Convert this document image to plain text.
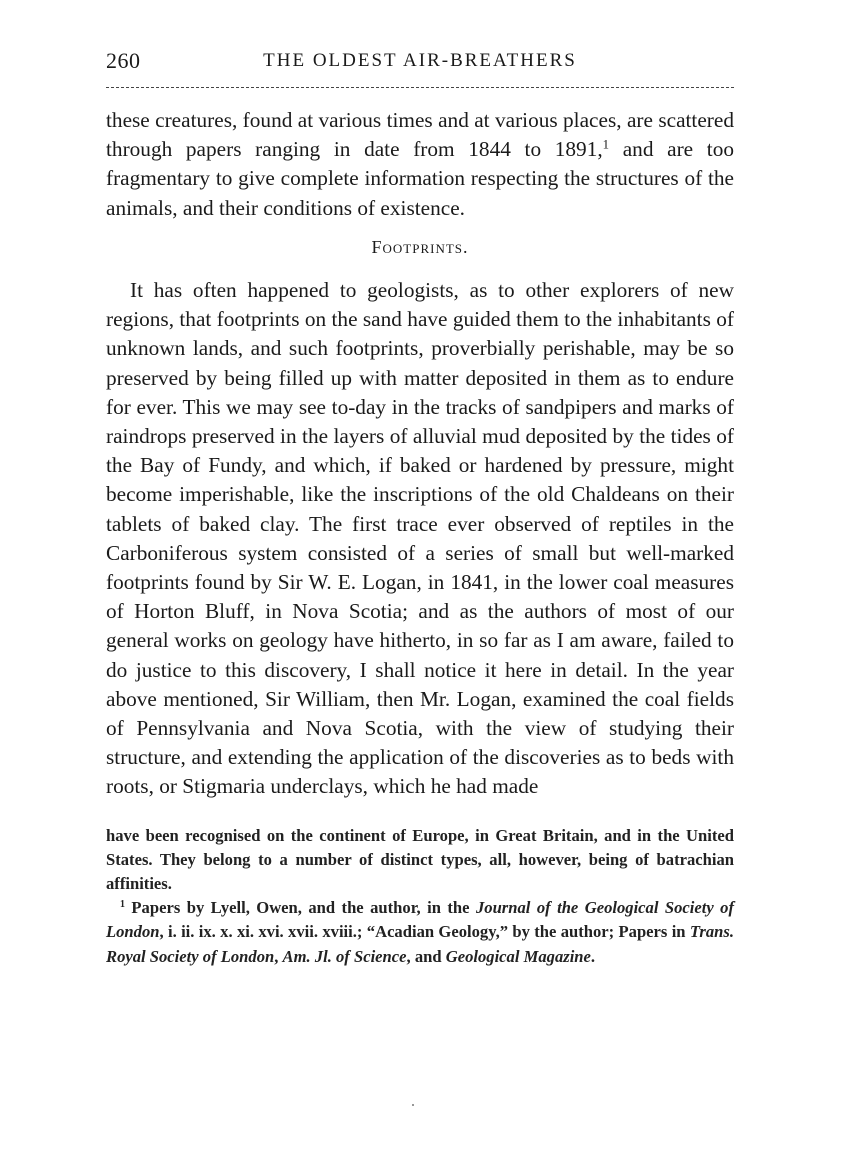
260	THE OLDEST AIR-BREATHERS

these creatures, found at various times and at various places, are scattered through papers ranging in date from 1844 to 1891,$^1$ and are too fragmentary to give complete information respecting the structures of the animals, and their conditions of existence.

Footprints.

It has often happened to geologists, as to other explorers of new regions, that footprints on the sand have guided them to the inhabitants of unknown lands, and such footprints, proverbially perishable, may be so preserved by being filled up with matter deposited in them as to endure for ever. This we may see to-day in the tracks of sandpipers and marks of raindrops preserved in the layers of alluvial mud deposited by the tides of the Bay of Fundy, and which, if baked or hardened by pressure, might become imperishable, like the inscriptions of the old Chaldeans on their tablets of baked clay. The first trace ever observed of reptiles in the Carboniferous system consisted of a series of small but well-marked footprints found by Sir W. E. Logan, in 1841, in the lower coal measures of Horton Bluff, in Nova Scotia; and as the authors of most of our general works on geology have hitherto, in so far as I am aware, failed to do justice to this discovery, I shall notice it here in detail. In the year above mentioned, Sir William, then Mr. Logan, examined the coal fields of Pennsylvania and Nova Scotia, with the view of studying their structure, and extending the application of the discoveries as to beds with roots, or Stigmaria underclays, which he had made

have been recognised on the continent of Europe, in Great Britain, and in the United States. They belong to a number of distinct types, all, however, being of batrachian affinities.

$^1$ Papers by Lyell, Owen, and the author, in the Journal of the Geological Society of London, i. ii. ix. x. xi. xvi. xvii. xviii.; “Acadian Geology,” by the author; Papers in Trans. Royal Society of London, Am. Jl. of Science, and Geological Magazine.
